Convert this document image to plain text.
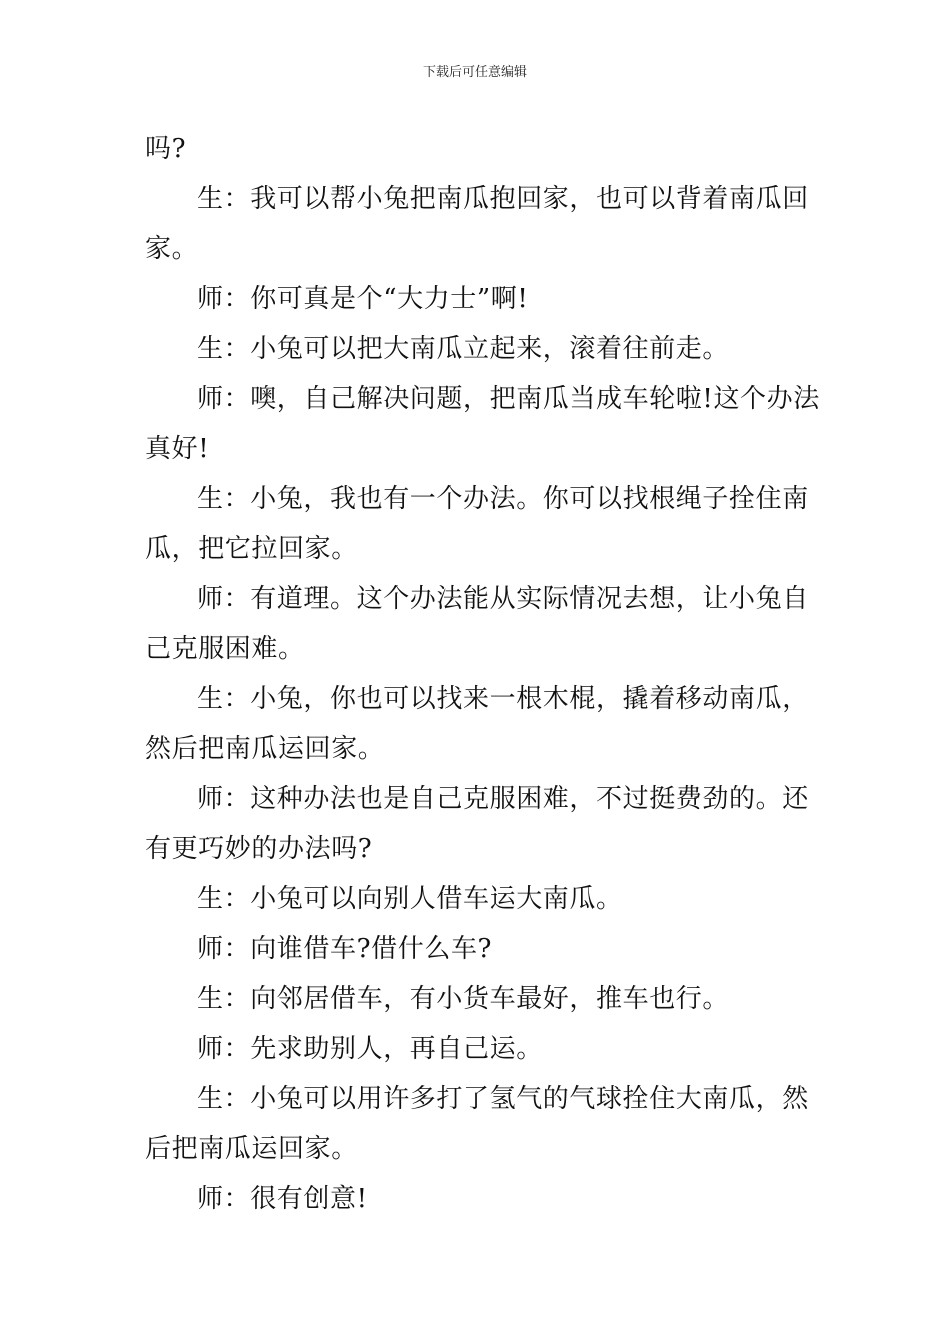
下载后可任意编辑
吗?
生：我可以帮小兔把南瓜抱回家，也可以背着南瓜回
家。
师：你可真是个“大力士”啊!
生：小兔可以把大南瓜立起来，滚着往前走。
师：噢，自己解决问题，把南瓜当成车轮啦!这个办法
真好!
生：小兔，我也有一个办法。你可以找根绳子拴住南
瓜，把它拉回家。
师：有道理。这个办法能从实际情况去想，让小兔自
己克服困难。
生：小兔，你也可以找来一根木棍，撬着移动南瓜，
然后把南瓜运回家。
师：这种办法也是自己克服困难，不过挺费劲的。还
有更巧妙的办法吗?
生：小兔可以向别人借车运大南瓜。
师：向谁借车?借什么车?
生：向邻居借车，有小货车最好，推车也行。
师：先求助别人，再自己运。
生：小兔可以用许多打了氢气的气球拴住大南瓜，然
后把南瓜运回家。
师：很有创意!
